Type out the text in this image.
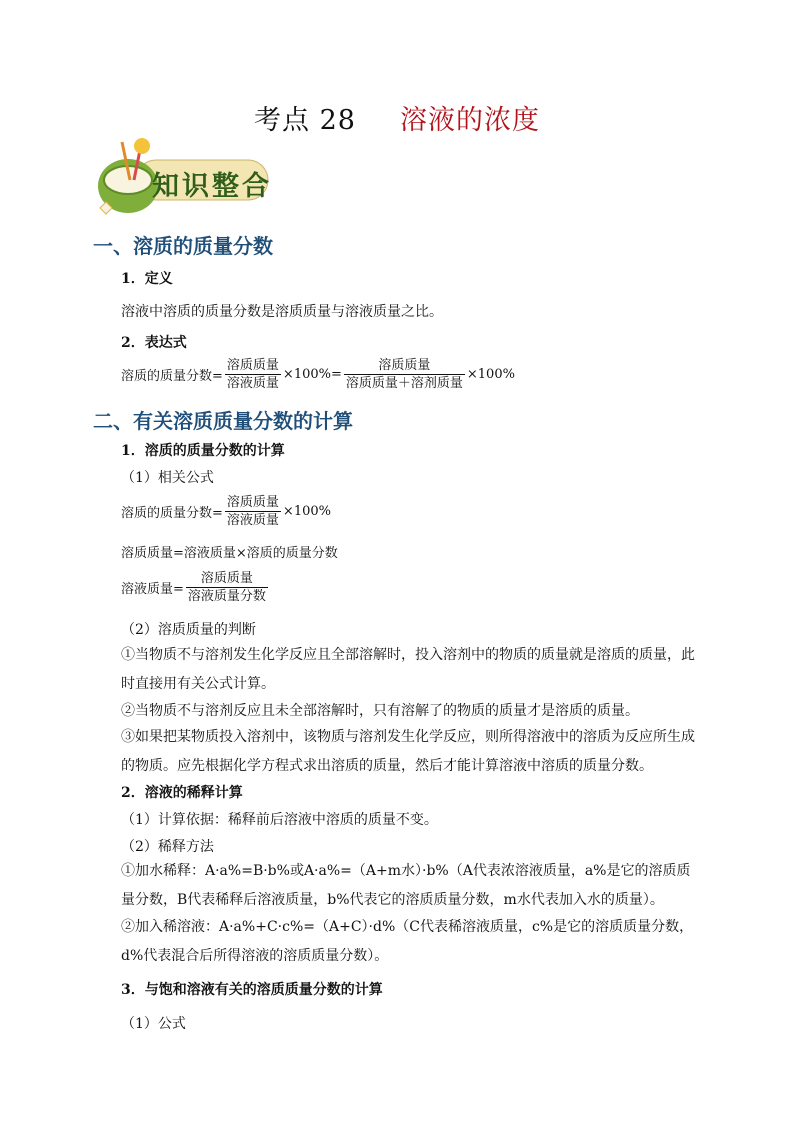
考点 28 溶液的浓度
知识整合
一、溶质的质量分数
1．定义
溶液中溶质的质量分数是溶质质量与溶液质量之比。
2．表达式
溶质的质量分数= $\frac{\text{溶质质量}}{\text{溶液质量}} \times 100\%= \frac{\text{溶质质量}}{\text{溶质质量＋溶剂质量}} \times 100\%$
二、有关溶质质量分数的计算
1．溶质的质量分数的计算
（1）相关公式
溶质的质量分数= $\frac{\text{溶质质量}}{\text{溶液质量}} \times 100\%$
溶质质量=溶液质量×溶质的质量分数
溶液质量= $\frac{\text{溶质质量}}{\text{溶液质量分数}}$
（2）溶质质量的判断
①当物质不与溶剂发生化学反应且全部溶解时，投入溶剂中的物质的质量就是溶质的质量，此时直接用有关公式计算。
②当物质不与溶剂反应且未全部溶解时，只有溶解了的物质的质量才是溶质的质量。
③如果把某物质投入溶剂中，该物质与溶剂发生化学反应，则所得溶液中的溶质为反应所生成的物质。应先根据化学方程式求出溶质的质量，然后才能计算溶液中溶质的质量分数。
2．溶液的稀释计算
（1）计算依据：稀释前后溶液中溶质的质量不变。
（2）稀释方法
①加水稀释：A·a%=B·b%或A·a%=（A+m水）·b%（A代表浓溶液质量，a%是它的溶质质量分数，B代表稀释后溶液质量，b%代表它的溶质质量分数，m水代表加入水的质量）。
②加入稀溶液：A·a%+C·c%=（A+C）·d%（C代表稀溶液质量，c%是它的溶质质量分数，d%代表混合后所得溶液的溶质质量分数）。
3．与饱和溶液有关的溶质质量分数的计算
（1）公式
